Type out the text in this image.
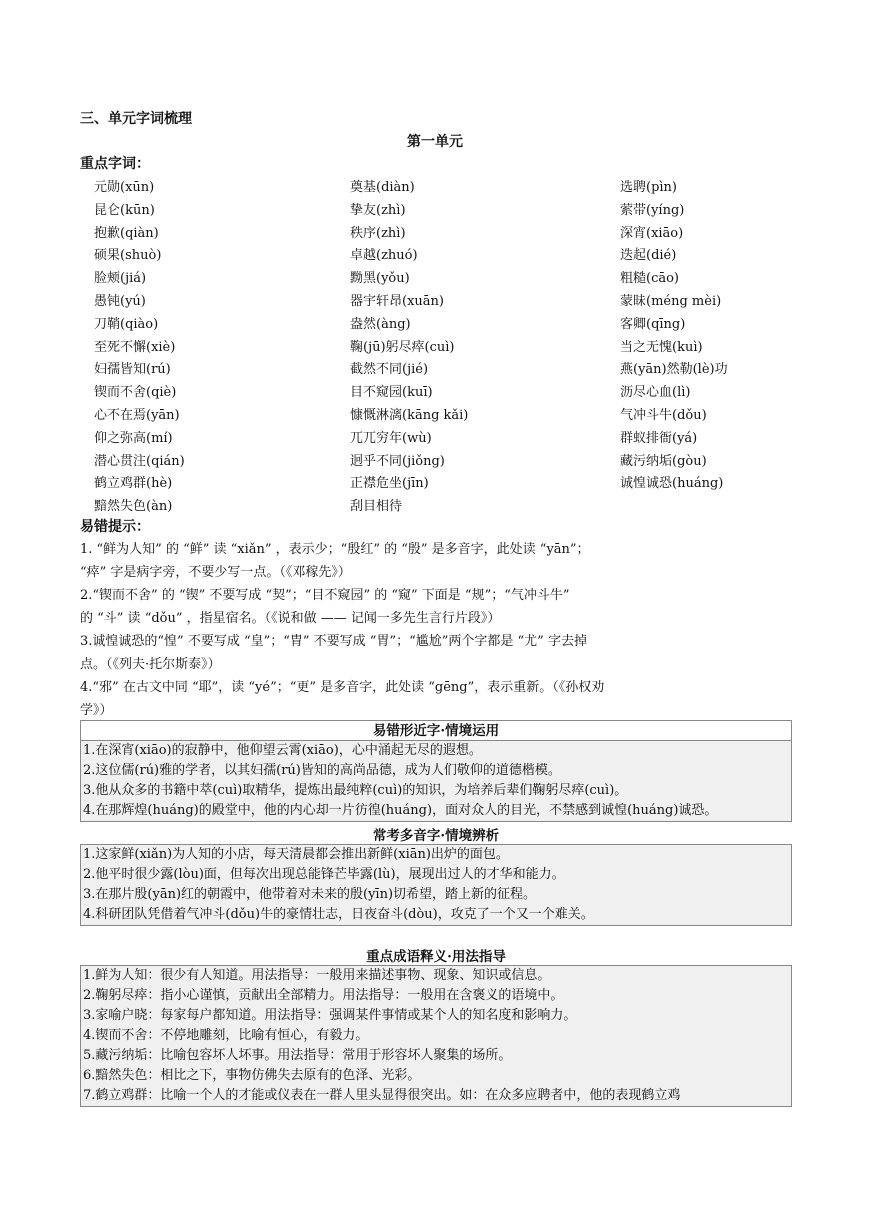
三、单元字词梳理
第一单元
重点字词：
元勋(xūn)	奠基(diàn)	选聘(pìn)
昆仑(kūn)	挚友(zhì)	萦带(yíng)
抱歉(qiàn)	秩序(zhì)	深宵(xiāo)
硕果(shuò)	卓越(zhuó)	迭起(dié)
脸颊(jiá)	黝黑(yǒu)	粗糙(cāo)
愚钝(yú)	器宇轩昂(xuān)	蒙昧(méng mèi)
刀鞘(qiào)	盎然(àng)	客卿(qīng)
至死不懈(xiè)	鞠(jū)躬尽瘁(cuì)	当之无愧(kuì)
妇孺皆知(rú)	截然不同(jié)	燕(yān)然勒(lè)功
锲而不舍(qiè)	目不窥园(kuī)	沥尽心血(lì)
心不在焉(yān)	慷慨淋漓(kāng kǎi)	气冲斗牛(dǒu)
仰之弥高(mí)	兀兀穷年(wù)	群蚁排衙(yá)
潜心贯注(qián)	迥乎不同(jiǒng)	藏污纳垢(gòu)
鹤立鸡群(hè)	正襟危坐(jīn)	诚惶诚恐(huáng)
黯然失色(àn)	刮目相待
易错提示：

1. “鲜为人知” 的 “鲜” 读 “xiǎn” ，表示少；“殷红” 的 “殷” 是多音字，此处读 “yān”；

“瘁” 字是病字旁，不要少写一点。（《邓稼先》）

2.“锲而不舍” 的 “锲” 不要写成 “契”；“目不窥园” 的 “窥” 下面是 “规”；“气冲斗牛”

的 “斗” 读 “dǒu” ，指星宿名。（《说和做 —— 记闻一多先生言行片段》）

3.诚惶诚恐的“惶” 不要写成 “皇”；“胄” 不要写成 “胃”；“尴尬”两个字都是 “尤” 字去掉

点。（《列夫·托尔斯泰》）

4.“邪” 在古文中同 “耶”，读 “yé”；“更” 是多音字，此处读 “gēng”，表示重新。（《孙权劝

学》）

易错形近字·情境运用
1.在深宵(xiāo)的寂静中，他仰望云霄(xiāo)，心中涌起无尽的遐想。
2.这位儒(rú)雅的学者，以其妇孺(rú)皆知的高尚品德，成为人们敬仰的道德楷模。
3.他从众多的书籍中萃(cuì)取精华，提炼出最纯粹(cuì)的知识，为培养后辈们鞠躬尽瘁(cuì)。
4.在那辉煌(huáng)的殿堂中，他的内心却一片彷徨(huáng)，面对众人的目光，不禁感到诚惶(huáng)诚恐。
常考多音字·情境辨析
1.这家鲜(xiǎn)为人知的小店，每天清晨都会推出新鲜(xiān)出炉的面包。
2.他平时很少露(lòu)面，但每次出现总能锋芒毕露(lù)，展现出过人的才华和能力。
3.在那片殷(yān)红的朝霞中，他带着对未来的殷(yīn)切希望，踏上新的征程。
4.科研团队凭借着气冲斗(dǒu)牛的豪情壮志，日夜奋斗(dòu)，攻克了一个又一个难关。
重点成语释义·用法指导
1.鲜为人知：很少有人知道。用法指导：一般用来描述事物、现象、知识或信息。
2.鞠躬尽瘁：指小心谨慎，贡献出全部精力。用法指导：一般用在含褒义的语境中。
3.家喻户晓：每家每户都知道。用法指导：强调某件事情或某个人的知名度和影响力。
4.锲而不舍：不停地雕刻，比喻有恒心，有毅力。
5.藏污纳垢：比喻包容坏人坏事。用法指导：常用于形容坏人聚集的场所。
6.黯然失色：相比之下，事物仿佛失去原有的色泽、光彩。
7.鹤立鸡群：比喻一个人的才能或仪表在一群人里头显得很突出。如：在众多应聘者中，他的表现鹤立鸡
